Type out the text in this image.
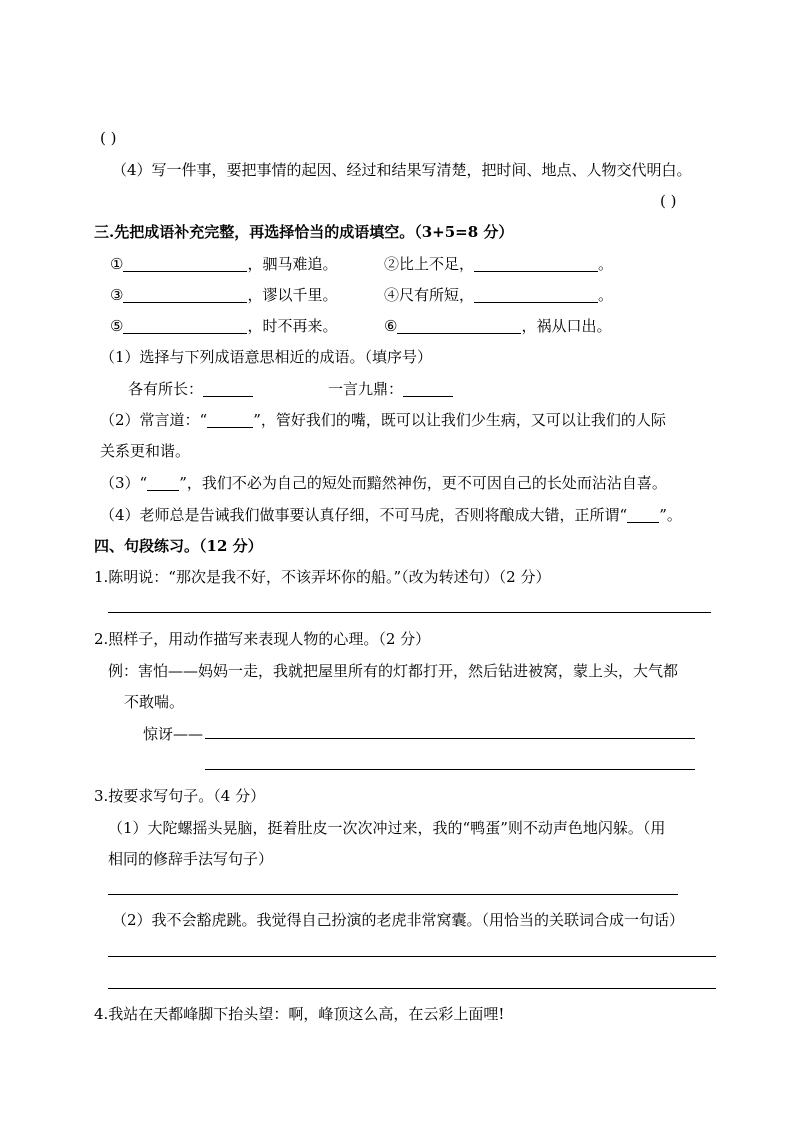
( )
（4）写一件事，要把事情的起因、经过和结果写清楚，把时间、地点、人物交代明白。
( )
三.先把成语补充完整，再选择恰当的成语填空。（3+5=8 分）
①	，驷马难追。	②比上不足，	。
③	，谬以千里。	④尺有所短，	。
⑤	，时不再来。	⑥	，祸从口出。
（1）选择与下列成语意思相近的成语。（填序号）
各有所长：	一言九鼎：
（2）常言道：“	”，管好我们的嘴，既可以让我们少生病，又可以让我们的人际
关系更和谐。
（3）“ ”，我们不必为自己的短处而黯然神伤，更不可因自己的长处而沾沾自喜。
（4）老师总是告诫我们做事要认真仔细，不可马虎，否则将酿成大错，正所谓“ ”。
四、句段练习。（12 分）
1.陈明说：“那次是我不好，不该弄坏你的船。”（改为转述句）（2 分）
2.照样子，用动作描写来表现人物的心理。（2 分）
例：害怕——妈妈一走，我就把屋里所有的灯都打开，然后钻进被窝，蒙上头，大气都
不敢喘。
惊讶——
3.按要求写句子。（4 分）
（1）大陀螺摇头晃脑，挺着肚皮一次次冲过来，我的“鸭蛋”则不动声色地闪躲。（用
相同的修辞手法写句子）
（2）我不会豁虎跳。我觉得自己扮演的老虎非常窝囊。（用恰当的关联词合成一句话）
4.我站在天都峰脚下抬头望：啊，峰顶这么高，在云彩上面哩!
